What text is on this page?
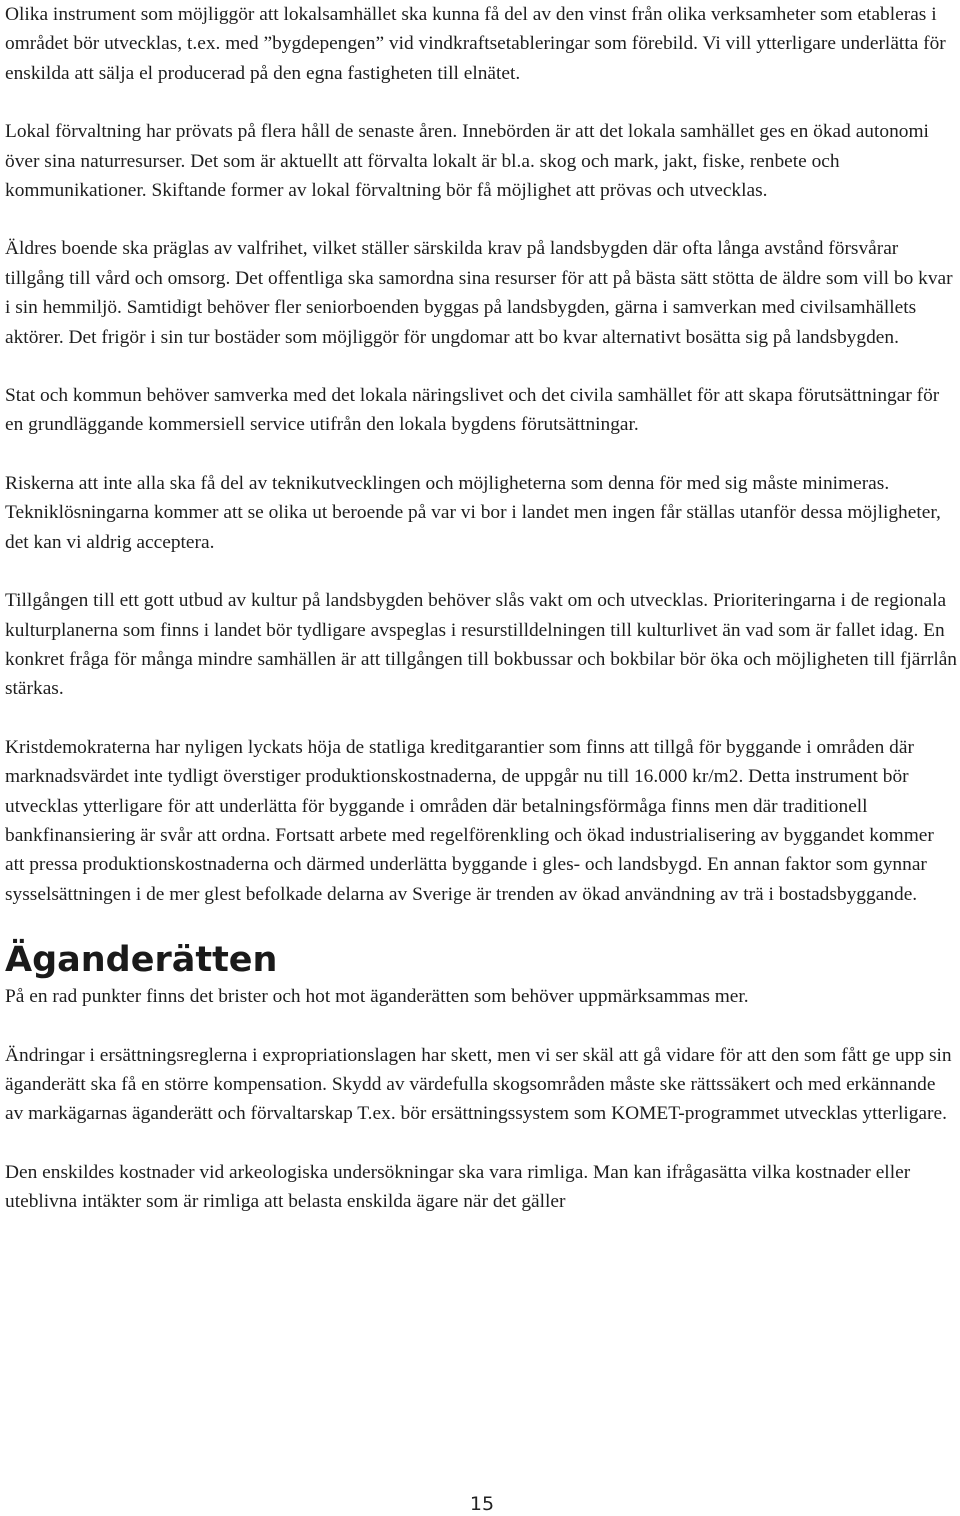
Olika instrument som möjliggör att lokalsamhället ska kunna få del av den vinst från olika verksamheter som etableras i området bör utvecklas, t.ex. med ”bygdepengen” vid vindkraftsetableringar som förebild. Vi vill ytterligare underlätta för enskilda att sälja el producerad på den egna fastigheten till elnätet.

Lokal förvaltning har prövats på flera håll de senaste åren. Innebörden är att det lokala samhället ges en ökad autonomi över sina naturresurser. Det som är aktuellt att förvalta lokalt är bl.a. skog och mark, jakt, fiske, renbete och kommunikationer. Skiftande former av lokal förvaltning bör få möjlighet att prövas och utvecklas.

Äldres boende ska präglas av valfrihet, vilket ställer särskilda krav på landsbygden där ofta långa avstånd försvårar tillgång till vård och omsorg. Det offentliga ska samordna sina resurser för att på bästa sätt stötta de äldre som vill bo kvar i sin hemmiljö. Samtidigt behöver fler seniorboenden byggas på landsbygden, gärna i samverkan med civilsamhällets aktörer. Det frigör i sin tur bostäder som möjliggör för ungdomar att bo kvar alternativt bosätta sig på landsbygden.

Stat och kommun behöver samverka med det lokala näringslivet och det civila samhället för att skapa förutsättningar för en grundläggande kommersiell service utifrån den lokala bygdens förutsättningar.

Riskerna att inte alla ska få del av teknikutvecklingen och möjligheterna som denna för med sig måste minimeras. Tekniklösningarna kommer att se olika ut beroende på var vi bor i landet men ingen får ställas utanför dessa möjligheter, det kan vi aldrig acceptera.

Tillgången till ett gott utbud av kultur på landsbygden behöver slås vakt om och utvecklas. Prioriteringarna i de regionala kulturplanerna som finns i landet bör tydligare avspeglas i resurstilldelningen till kulturlivet än vad som är fallet idag. En konkret fråga för många mindre samhällen är att tillgången till bokbussar och bokbilar bör öka och möjligheten till fjärrlån stärkas.

Kristdemokraterna har nyligen lyckats höja de statliga kreditgarantier som finns att tillgå för byggande i områden där marknadsvärdet inte tydligt överstiger produktionskostnaderna, de uppgår nu till 16.000 kr/m2. Detta instrument bör utvecklas ytterligare för att underlätta för byggande i områden där betalningsförmåga finns men där traditionell bankfinansiering är svår att ordna. Fortsatt arbete med regelförenkling och ökad industrialisering av byggandet kommer att pressa produktionskostnaderna och därmed underlätta byggande i gles- och landsbygd. En annan faktor som gynnar sysselsättningen i de mer glest befolkade delarna av Sverige är trenden av ökad användning av trä i bostadsbyggande.

Äganderätten

På en rad punkter finns det brister och hot mot äganderätten som behöver uppmärksammas mer.

Ändringar i ersättningsreglerna i expropriationslagen har skett, men vi ser skäl att gå vidare för att den som fått ge upp sin äganderätt ska få en större kompensation. Skydd av värdefulla skogsområden måste ske rättssäkert och med erkännande av markägarnas äganderätt och förvaltarskap T.ex. bör ersättningssystem som KOMET-programmet utvecklas ytterligare.

Den enskildes kostnader vid arkeologiska undersökningar ska vara rimliga. Man kan ifrågasätta vilka kostnader eller uteblivna intäkter som är rimliga att belasta enskilda ägare när det gäller

15
